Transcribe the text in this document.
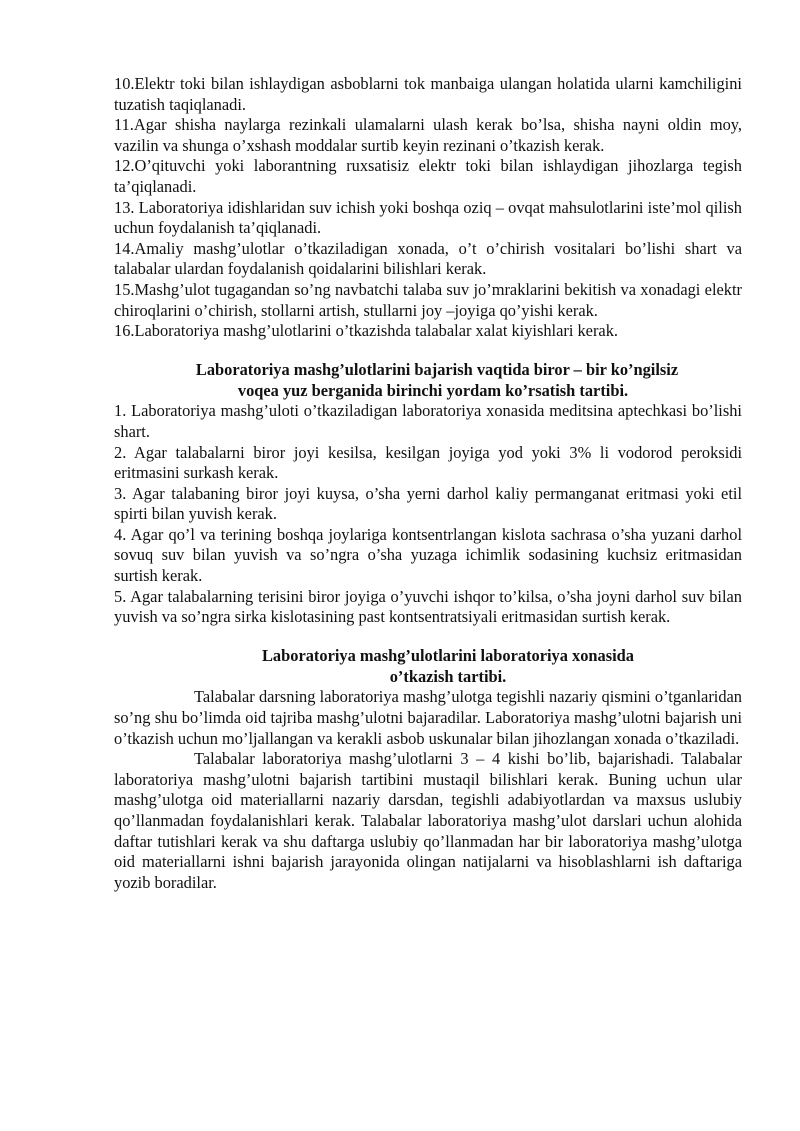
10.Elektr toki bilan ishlaydigan asboblarni tok manbaiga ulangan holatida ularni kamchiligini tuzatish taqiqlanadi.

11.Agar shisha naylarga rezinkali ulamalarni ulash kerak bo’lsa, shisha nayni oldin moy, vazilin va shunga o’xshash moddalar surtib keyin rezinani o’tkazish kerak.

12.O’qituvchi yoki laborantning ruxsatisiz elektr toki bilan ishlaydigan jihozlarga tegish ta’qiqlanadi.

13. Laboratoriya idishlaridan suv ichish yoki boshqa oziq – ovqat mahsulotlarini iste’mol qilish uchun foydalanish ta’qiqlanadi.

14.Amaliy mashg’ulotlar o’tkaziladigan xonada, o’t o’chirish vositalari bo’lishi shart va talabalar ulardan foydalanish qoidalarini bilishlari kerak.

15.Mashg’ulot tugagandan so’ng navbatchi talaba suv jo’mraklarini bekitish va xonadagi elektr chiroqlarini o’chirish, stollarni artish, stullarni joy –joyiga qo’yishi kerak.

16.Laboratoriya mashg’ulotlarini o’tkazishda talabalar xalat kiyishlari kerak.

Laboratoriya mashg’ulotlarini bajarish vaqtida biror – bir ko’ngilsiz

voqea yuz berganida birinchi yordam ko’rsatish tartibi.

1. Laboratoriya mashg’uloti o’tkaziladigan laboratoriya xonasida meditsina aptechkasi bo’lishi shart.

2. Agar talabalarni biror joyi kesilsa, kesilgan joyiga yod yoki 3% li vodorod peroksidi eritmasini surkash kerak.

3. Agar talabaning biror joyi kuysa, o’sha yerni darhol kaliy permanganat eritmasi yoki etil spirti bilan yuvish kerak.

4. Agar qo’l va terining boshqa joylariga kontsentrlangan kislota sachrasa o’sha yuzani darhol sovuq suv bilan yuvish va so’ngra o’sha yuzaga ichimlik sodasining kuchsiz eritmasidan surtish kerak.

5. Agar talabalarning terisini biror joyiga o’yuvchi ishqor to’kilsa, o’sha joyni darhol suv bilan yuvish va so’ngra sirka kislotasining past kontsentratsiyali eritmasidan surtish kerak.

Laboratoriya mashg’ulotlarini laboratoriya xonasida

o’tkazish tartibi.

Talabalar darsning laboratoriya mashg’ulotga tegishli nazariy qismini o’tganlaridan so’ng shu bo’limda oid tajriba mashg’ulotni bajaradilar. Laboratoriya mashg’ulotni bajarish uni o’tkazish uchun mo’ljallangan va kerakli asbob uskunalar bilan jihozlangan xonada o’tkaziladi.

Talabalar laboratoriya mashg’ulotlarni 3 – 4 kishi bo’lib, bajarishadi. Talabalar laboratoriya mashg’ulotni bajarish tartibini mustaqil bilishlari kerak. Buning uchun ular mashg’ulotga oid materiallarni nazariy darsdan, tegishli adabiyotlardan va maxsus uslubiy qo’llanmadan foydalanishlari kerak. Talabalar laboratoriya mashg’ulot darslari uchun alohida daftar tutishlari kerak va shu daftarga uslubiy qo’llanmadan har bir laboratoriya mashg’ulotga oid materiallarni ishni bajarish jarayonida olingan natijalarni va hisoblashlarni ish daftariga yozib boradilar.
